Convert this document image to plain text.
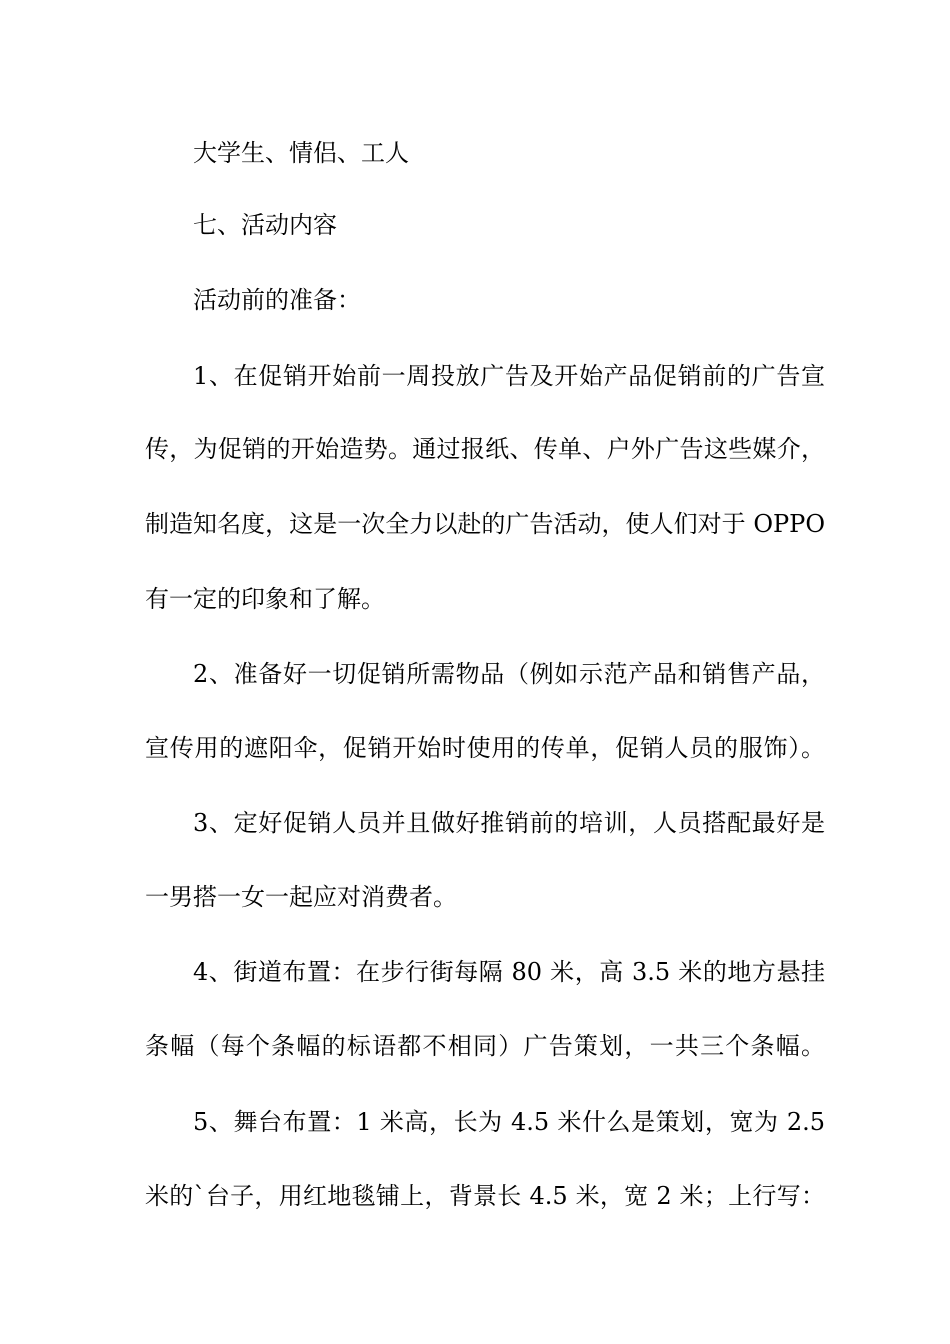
大学生、情侣、工人
七、活动内容
活动前的准备：
1、在促销开始前一周投放广告及开始产品促销前的广告宣
传，为促销的开始造势。通过报纸、传单、户外广告这些媒介，
制造知名度，这是一次全力以赴的广告活动，使人们对于 OPPO
有一定的印象和了解。
2、准备好一切促销所需物品（例如示范产品和销售产品，
宣传用的遮阳伞，促销开始时使用的传单，促销人员的服饰）。
3、定好促销人员并且做好推销前的培训，人员搭配最好是
一男搭一女一起应对消费者。
4、街道布置：在步行街每隔 80 米，高 3.5 米的地方悬挂
条幅（每个条幅的标语都不相同）广告策划，一共三个条幅。
5、舞台布置：1 米高，长为 4.5 米什么是策划，宽为 2.5
米的`台子，用红地毯铺上，背景长 4.5 米，宽 2 米；上行写：
